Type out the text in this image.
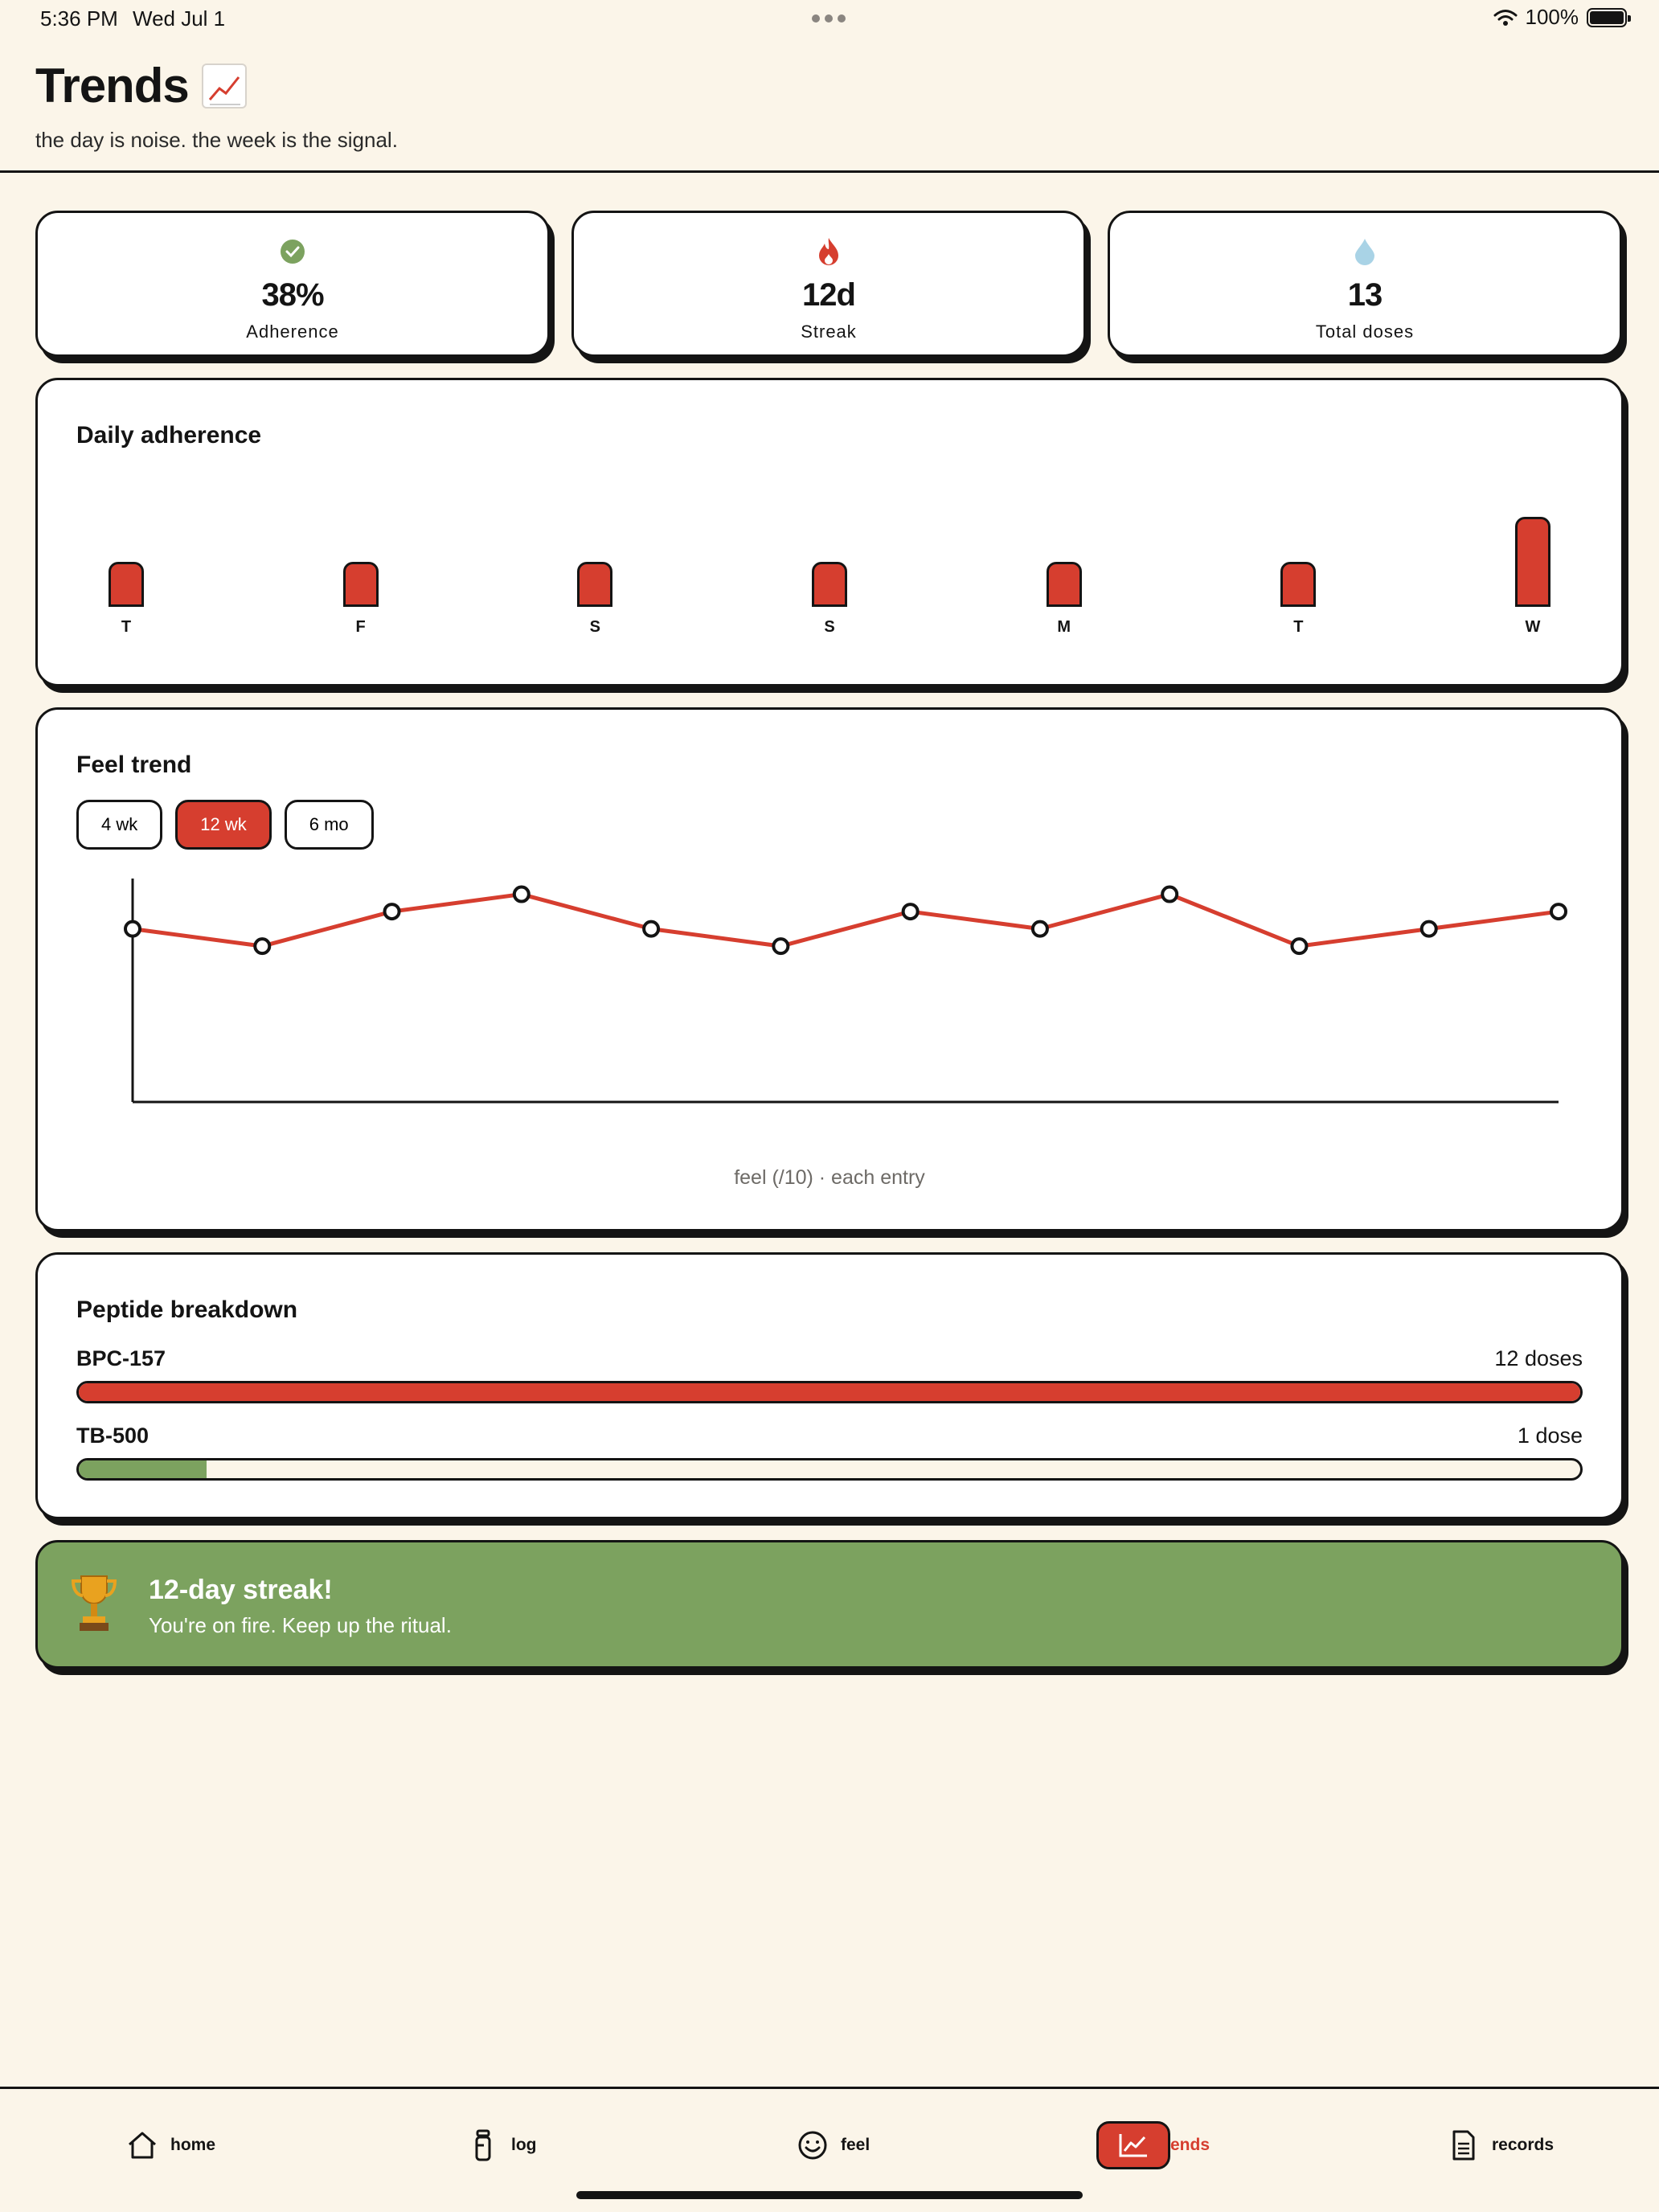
5:36 PM Wed Jul 1	100%
Trends
the day is noise. the week is the signal.
38%
Adherence
12d
Streak
13
Total doses
Daily adherence
T	F	S	S	M	T	W
Feel trend
4 wk	12 wk	6 mo
feel (/10) · each entry
Peptide breakdown
BPC-157	12 doses
TB-500	1 dose
12-day streak!
You're on fire. Keep up the ritual.
home	log	feel	ends	records
